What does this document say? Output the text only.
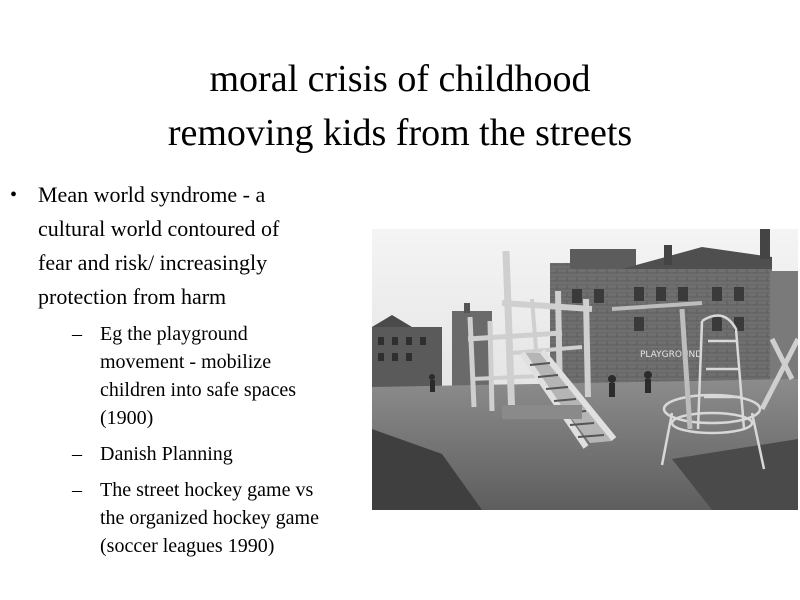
moral crisis of childhood
removing kids from the streets
• Mean world syndrome - a
cultural world contoured of
fear and risk/ increasingly
protection from harm
– Eg the playground
movement - mobilize
children into safe spaces
(1900)
– Danish Planning
– The street hockey game vs
the organized hockey game
(soccer leagues 1990)
PLAYGROUND
